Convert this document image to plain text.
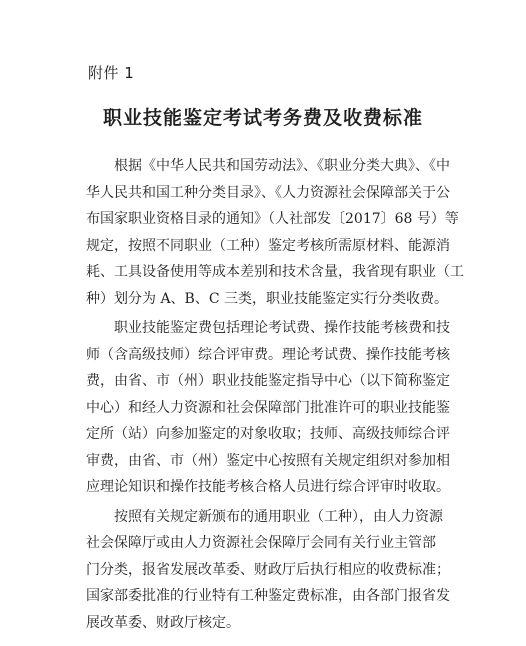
附件 1
职业技能鉴定考试考务费及收费标准

根据《中华人民共和国劳动法》、《职业分类大典》、《中
华人民共和国工种分类目录》、《人力资源社会保障部关于公
布国家职业资格目录的通知》（人社部发〔2017〕68 号）等
规定，按照不同职业（工种）鉴定考核所需原材料、能源消
耗、工具设备使用等成本差别和技术含量，我省现有职业（工
种）划分为 A、B、C 三类，职业技能鉴定实行分类收费。

职业技能鉴定费包括理论考试费、操作技能考核费和技
师（含高级技师）综合评审费。理论考试费、操作技能考核
费，由省、市（州）职业技能鉴定指导中心（以下简称鉴定
中心）和经人力资源和社会保障部门批准许可的职业技能鉴
定所（站）向参加鉴定的对象收取；技师、高级技师综合评
审费，由省、市（州）鉴定中心按照有关规定组织对参加相
应理论知识和操作技能考核合格人员进行综合评审时收取。

按照有关规定新颁布的通用职业（工种），由人力资源
社会保障厅或由人力资源社会保障厅会同有关行业主管部
门分类，报省发展改革委、财政厅后执行相应的收费标准；
国家部委批准的行业特有工种鉴定费标准，由各部门报省发
展改革委、财政厅核定。
